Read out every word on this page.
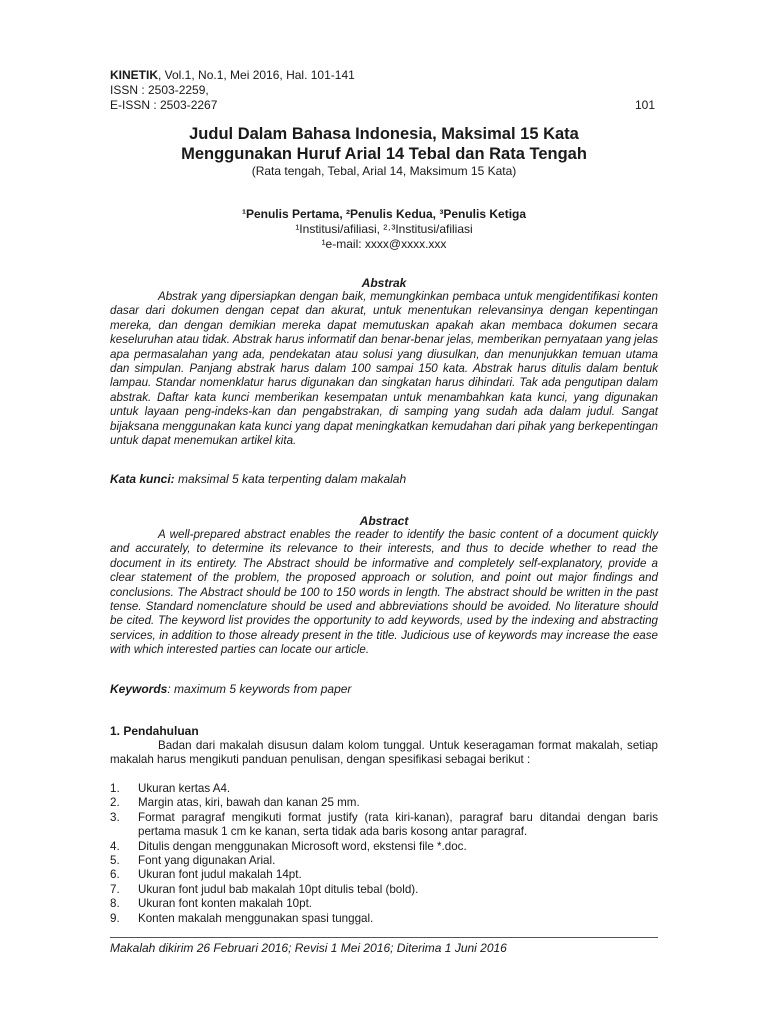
KINETIK, Vol.1, No.1, Mei 2016, Hal. 101-141
ISSN : 2503-2259,
E-ISSN : 2503-2267	101
Judul Dalam Bahasa Indonesia, Maksimal 15 Kata
Menggunakan Huruf Arial 14 Tebal dan Rata Tengah
(Rata tengah, Tebal, Arial 14, Maksimum 15 Kata)
¹Penulis Pertama, ²Penulis Kedua, ³Penulis Ketiga
¹Institusi/afiliasi, ²·³Institusi/afiliasi
¹e-mail: xxxx@xxxx.xxx
Abstrak

Abstrak yang dipersiapkan dengan baik, memungkinkan pembaca untuk mengidentifikasi konten dasar dari dokumen dengan cepat dan akurat, untuk menentukan relevansinya dengan kepentingan mereka, dan dengan demikian mereka dapat memutuskan apakah akan membaca dokumen secara keseluruhan atau tidak. Abstrak harus informatif dan benar-benar jelas, memberikan pernyataan yang jelas apa permasalahan yang ada, pendekatan atau solusi yang diusulkan, dan menunjukkan temuan utama dan simpulan. Panjang abstrak harus dalam 100 sampai 150 kata. Abstrak harus ditulis dalam bentuk lampau. Standar nomenklatur harus digunakan dan singkatan harus dihindari. Tak ada pengutipan dalam abstrak. Daftar kata kunci memberikan kesempatan untuk menambahkan kata kunci, yang digunakan untuk layaan peng-indeks-kan dan pengabstrakan, di samping yang sudah ada dalam judul. Sangat bijaksana menggunakan kata kunci yang dapat meningkatkan kemudahan dari pihak yang berkepentingan untuk dapat menemukan artikel kita.

Kata kunci: maksimal 5 kata terpenting dalam makalah
Abstract

A well-prepared abstract enables the reader to identify the basic content of a document quickly and accurately, to determine its relevance to their interests, and thus to decide whether to read the document in its entirety. The Abstract should be informative and completely self-explanatory, provide a clear statement of the problem, the proposed approach or solution, and point out major findings and conclusions. The Abstract should be 100 to 150 words in length. The abstract should be written in the past tense. Standard nomenclature should be used and abbreviations should be avoided. No literature should be cited. The keyword list provides the opportunity to add keywords, used by the indexing and abstracting services, in addition to those already present in the title. Judicious use of keywords may increase the ease with which interested parties can locate our article.

Keywords: maximum 5 keywords from paper
1. Pendahuluan

Badan dari makalah disusun dalam kolom tunggal. Untuk keseragaman format makalah, setiap makalah harus mengikuti panduan penulisan, dengan spesifikasi sebagai berikut :

1.	Ukuran kertas A4.
2.	Margin atas, kiri, bawah dan kanan 25 mm.
3.	Format paragraf mengikuti format justify (rata kiri-kanan), paragraf baru ditandai dengan baris pertama masuk 1 cm ke kanan, serta tidak ada baris kosong antar paragraf.
4.	Ditulis dengan menggunakan Microsoft word, ekstensi file *.doc.
5.	Font yang digunakan Arial.
6.	Ukuran font judul makalah 14pt.
7.	Ukuran font judul bab makalah 10pt ditulis tebal (bold).
8.	Ukuran font konten makalah 10pt.
9.	Konten makalah menggunakan spasi tunggal.
Makalah dikirim 26 Februari 2016; Revisi 1 Mei 2016; Diterima 1 Juni 2016
